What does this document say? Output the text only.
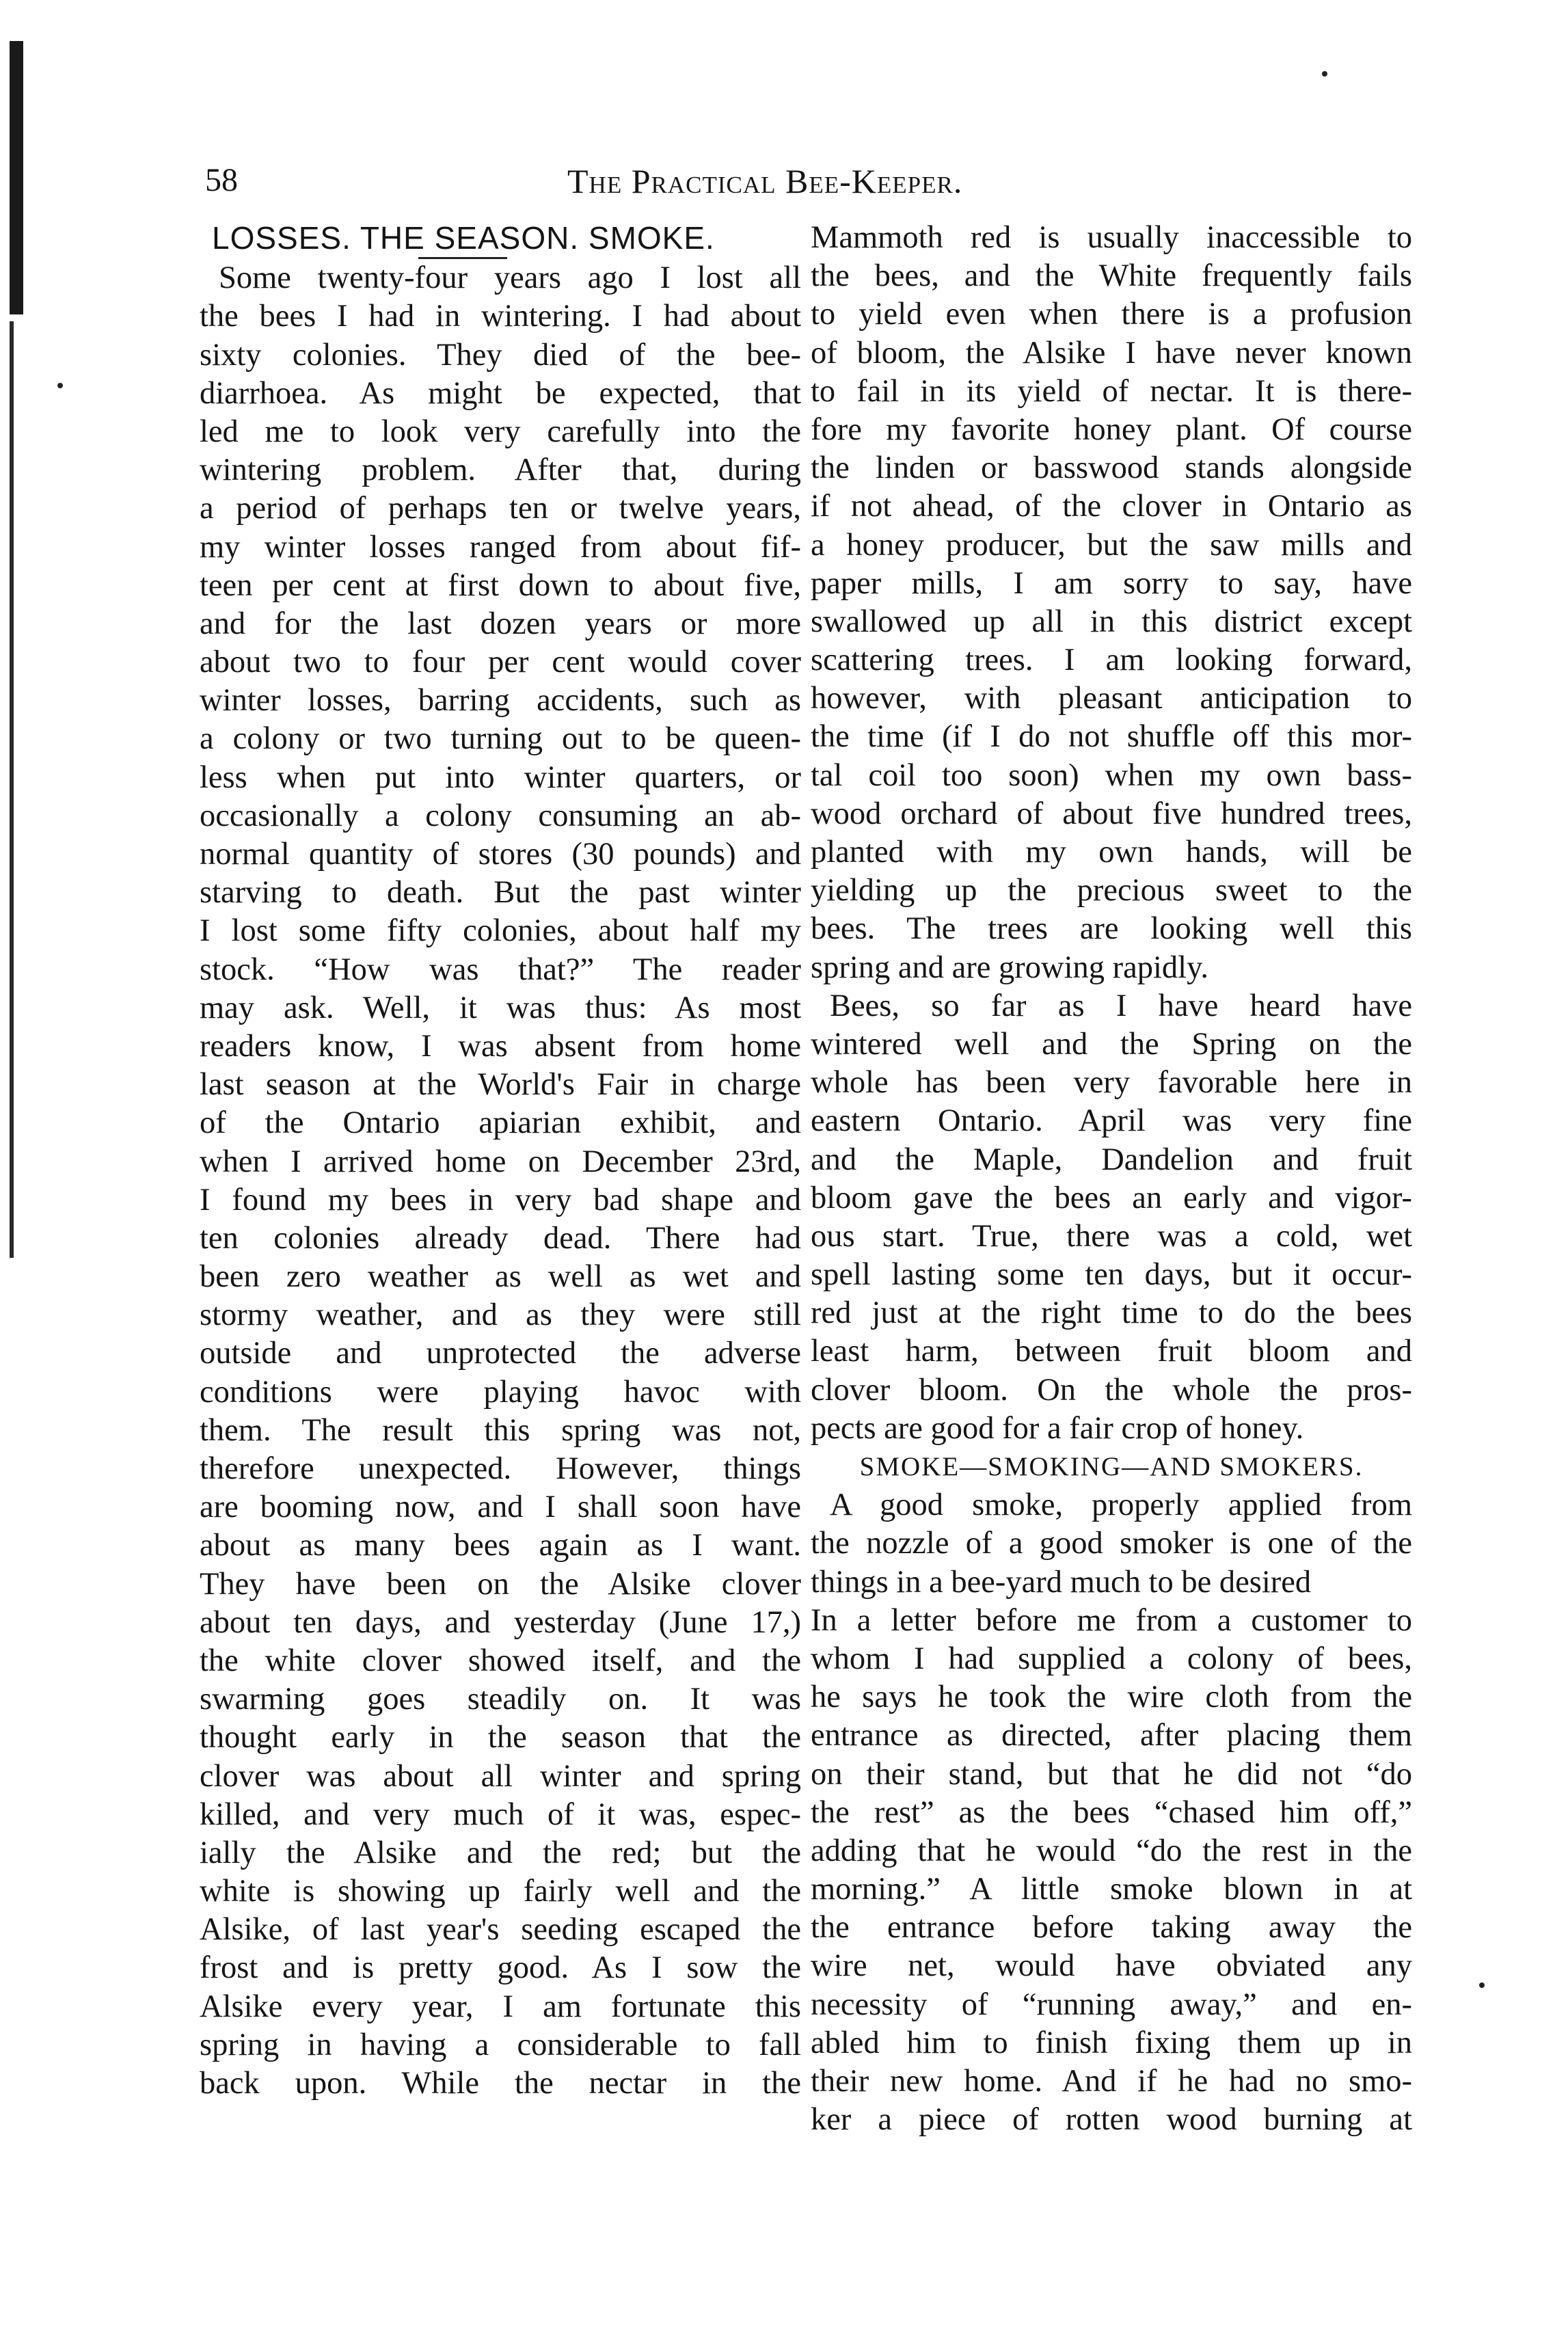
58	The Practical Bee-Keeper.
LOSSES. THE SEASON. SMOKE.
Some twenty-four years ago I lost all
the bees I had in wintering. I had about
sixty colonies. They died of the bee-
diarrhoea. As might be expected, that
led me to look very carefully into the
wintering problem. After that, during
a period of perhaps ten or twelve years,
my winter losses ranged from about fif-
teen per cent at first down to about five,
and for the last dozen years or more
about two to four per cent would cover
winter losses, barring accidents, such as
a colony or two turning out to be queen-
less when put into winter quarters, or
occasionally a colony consuming an ab-
normal quantity of stores (30 pounds) and
starving to death. But the past winter
I lost some fifty colonies, about half my
stock. “How was that?” The reader
may ask. Well, it was thus: As most
readers know, I was absent from home
last season at the World's Fair in charge
of the Ontario apiarian exhibit, and
when I arrived home on December 23rd,
I found my bees in very bad shape and
ten colonies already dead. There had
been zero weather as well as wet and
stormy weather, and as they were still
outside and unprotected the adverse
conditions were playing havoc with
them. The result this spring was not,
therefore unexpected. However, things
are booming now, and I shall soon have
about as many bees again as I want.
They have been on the Alsike clover
about ten days, and yesterday (June 17,)
the white clover showed itself, and the
swarming goes steadily on. It was
thought early in the season that the
clover was about all winter and spring
killed, and very much of it was, espec-
ially the Alsike and the red; but the
white is showing up fairly well and the
Alsike, of last year's seeding escaped the
frost and is pretty good. As I sow the
Alsike every year, I am fortunate this
spring in having a considerable to fall
back upon. While the nectar in the
Mammoth red is usually inaccessible to
the bees, and the White frequently fails
to yield even when there is a profusion
of bloom, the Alsike I have never known
to fail in its yield of nectar. It is there-
fore my favorite honey plant. Of course
the linden or basswood stands alongside
if not ahead, of the clover in Ontario as
a honey producer, but the saw mills and
paper mills, I am sorry to say, have
swallowed up all in this district except
scattering trees. I am looking forward,
however, with pleasant anticipation to
the time (if I do not shuffle off this mor-
tal coil too soon) when my own bass-
wood orchard of about five hundred trees,
planted with my own hands, will be
yielding up the precious sweet to the
bees. The trees are looking well this
spring and are growing rapidly.
Bees, so far as I have heard have
wintered well and the Spring on the
whole has been very favorable here in
eastern Ontario. April was very fine
and the Maple, Dandelion and fruit
bloom gave the bees an early and vigor-
ous start. True, there was a cold, wet
spell lasting some ten days, but it occur-
red just at the right time to do the bees
least harm, between fruit bloom and
clover bloom. On the whole the pros-
pects are good for a fair crop of honey.
SMOKE—SMOKING—AND SMOKERS.
A good smoke, properly applied from
the nozzle of a good smoker is one of the
things in a bee-yard much to be desired
In a letter before me from a customer to
whom I had supplied a colony of bees,
he says he took the wire cloth from the
entrance as directed, after placing them
on their stand, but that he did not “do
the rest” as the bees “chased him off,”
adding that he would “do the rest in the
morning.” A little smoke blown in at
the entrance before taking away the
wire net, would have obviated any
necessity of “running away,” and en-
abled him to finish fixing them up in
their new home. And if he had no smo-
ker a piece of rotten wood burning at
